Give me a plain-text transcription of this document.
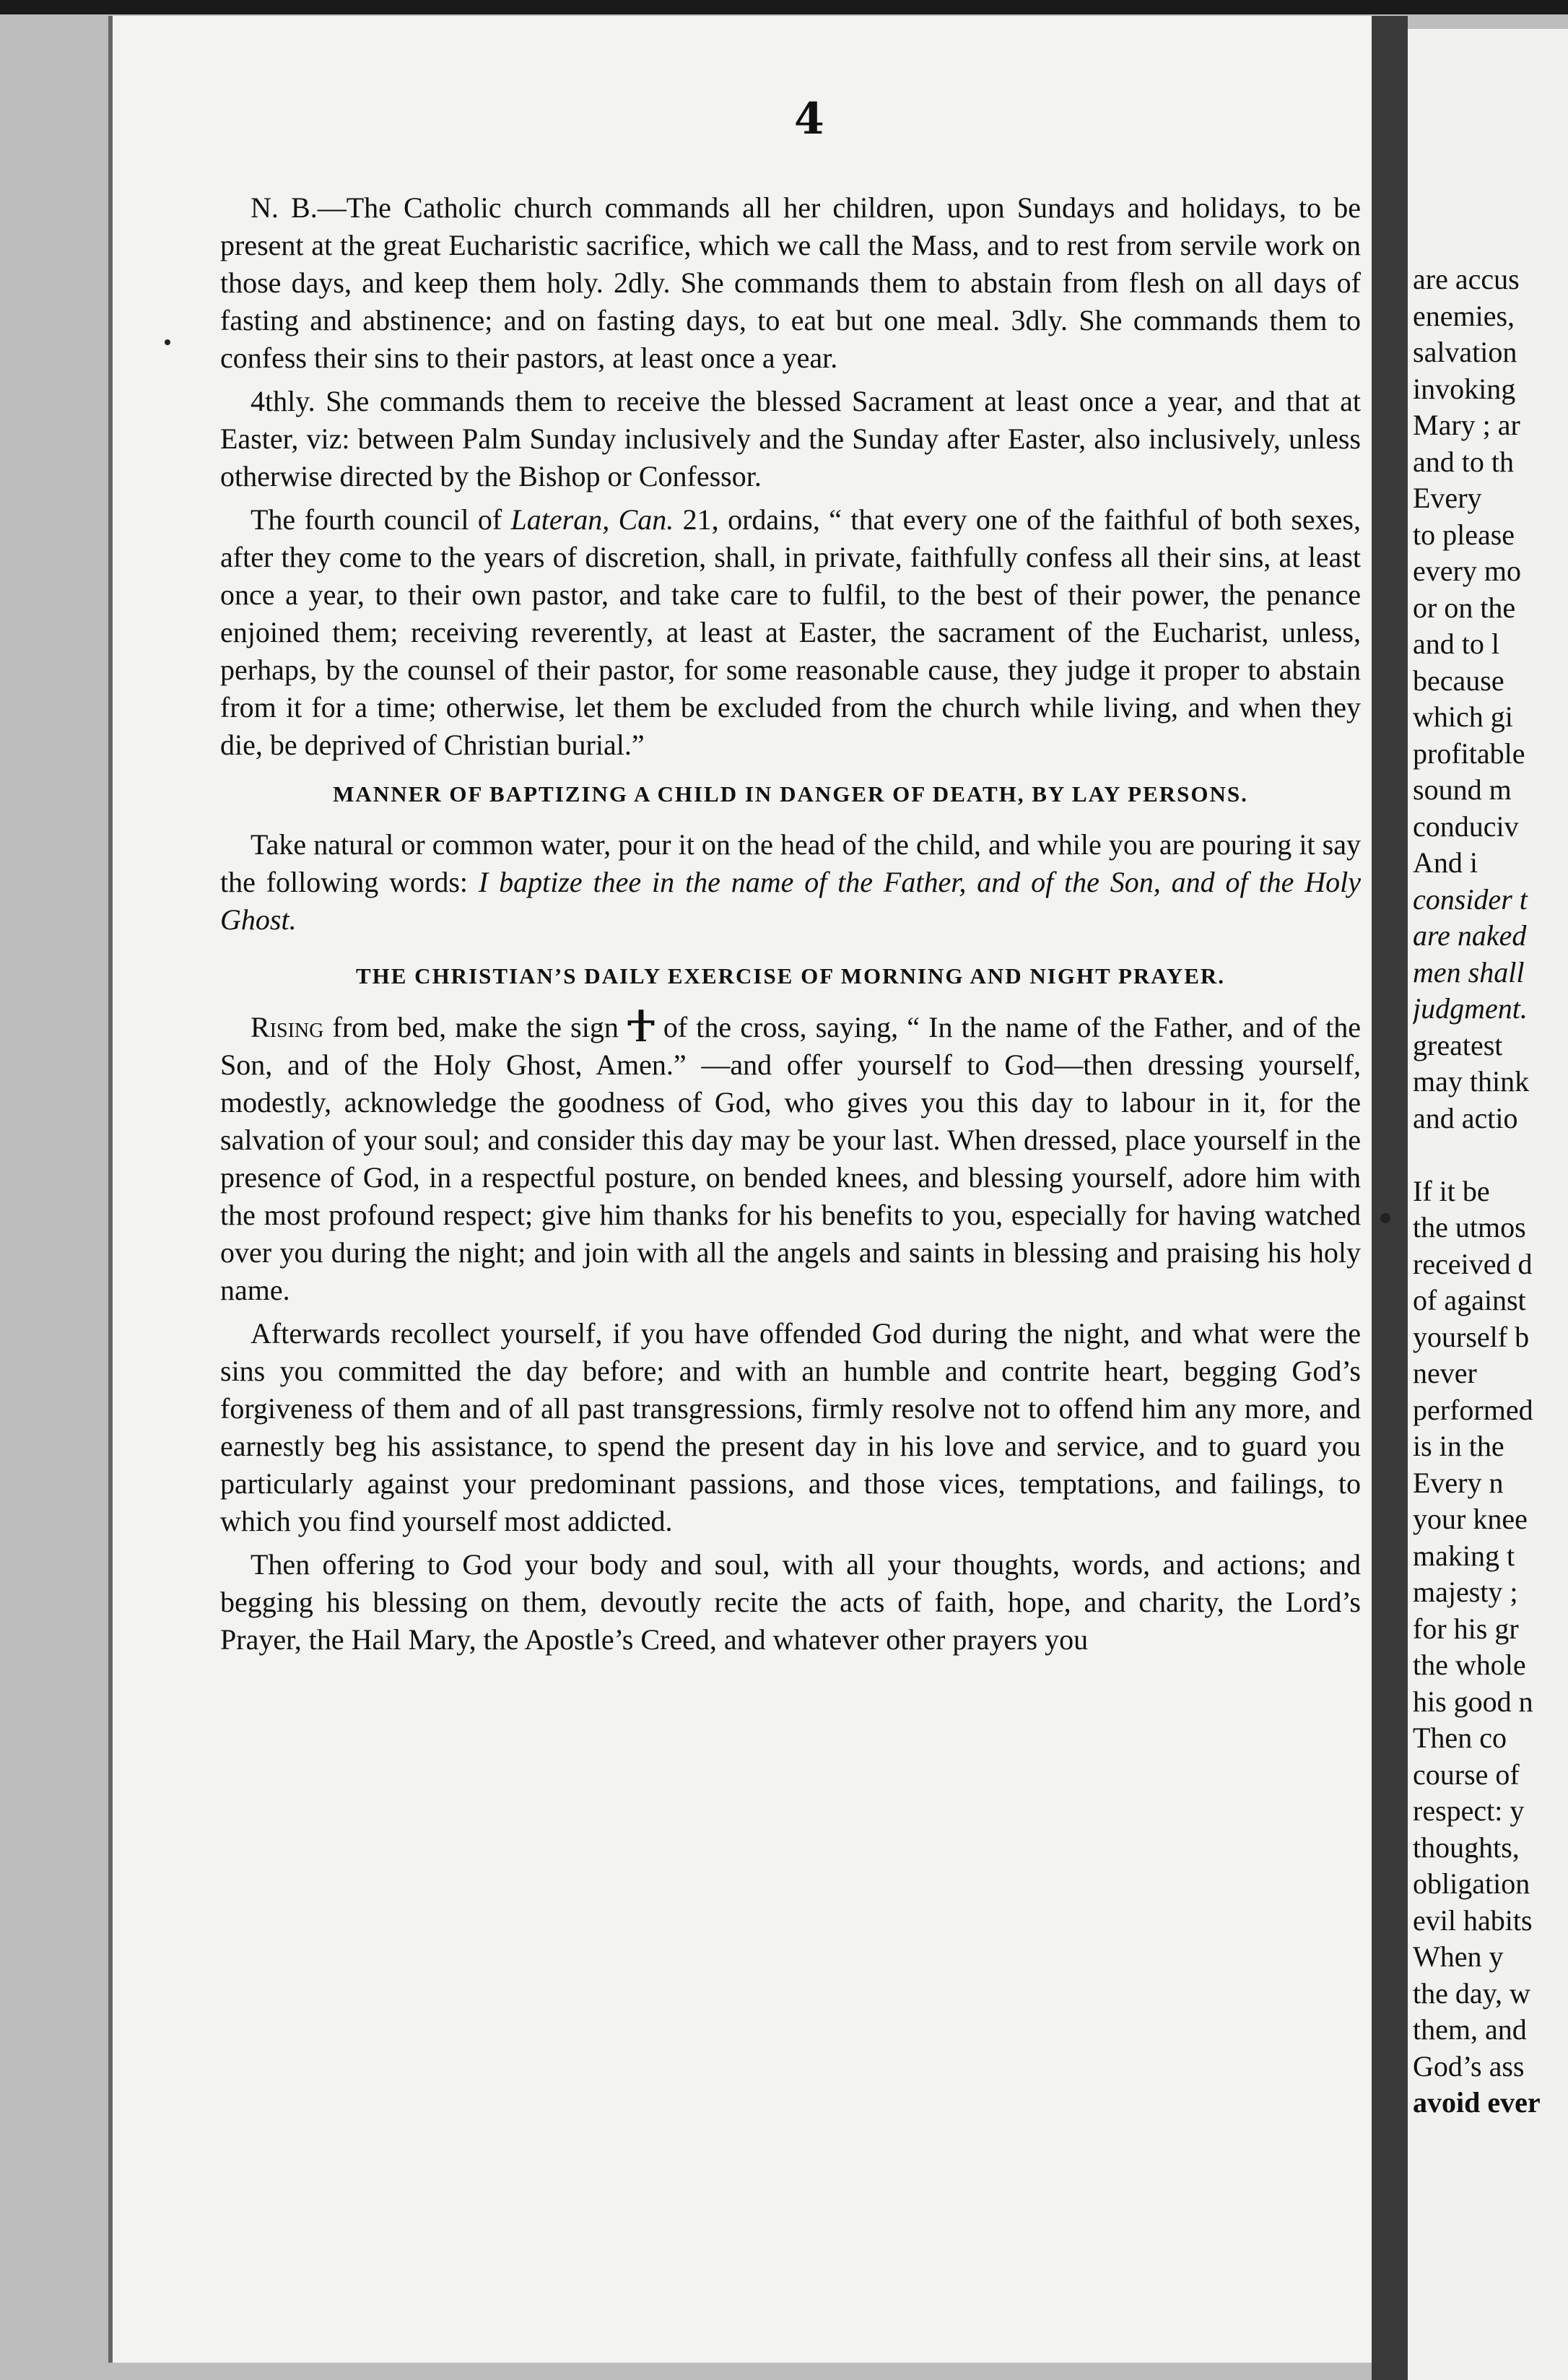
4

N. B.—The Catholic church commands all her children, upon Sundays and holidays, to be present at the great Eucharistic sacrifice, which we call the Mass, and to rest from servile work on those days, and keep them holy. 2dly. She commands them to abstain from flesh on all days of fasting and abstinence; and on fasting days, to eat but one meal. 3dly. She commands them to confess their sins to their pastors, at least once a year.

4thly. She commands them to receive the blessed Sacrament at least once a year, and that at Easter, viz: between Palm Sunday inclusively and the Sunday after Easter, also inclusively, unless otherwise directed by the Bishop or Confessor.

The fourth council of Lateran, Can. 21, ordains, “ that every one of the faithful of both sexes, after they come to the years of discretion, shall, in private, faithfully confess all their sins, at least once a year, to their own pastor, and take care to fulfil, to the best of their power, the penance enjoined them; receiving reverently, at least at Easter, the sacrament of the Eucharist, unless, perhaps, by the counsel of their pastor, for some reasonable cause, they judge it proper to abstain from it for a time; otherwise, let them be excluded from the church while living, and when they die, be deprived of Christian burial.”

MANNER OF BAPTIZING A CHILD IN DANGER OF DEATH, BY LAY PERSONS.

Take natural or common water, pour it on the head of the child, and while you are pouring it say the following words: I baptize thee in the name of the Father, and of the Son, and of the Holy Ghost.

THE CHRISTIAN’S DAILY EXERCISE OF MORNING AND NIGHT PRAYER.

Rising from bed, make the sign of the cross, saying, “ In the name of the Father, and of the Son, and of the Holy Ghost, Amen.” —and offer yourself to God—then dressing yourself, modestly, acknowledge the goodness of God, who gives you this day to labour in it, for the salvation of your soul; and consider this day may be your last. When dressed, place yourself in the presence of God, in a respectful posture, on bended knees, and blessing yourself, adore him with the most profound respect; give him thanks for his benefits to you, especially for having watched over you during the night; and join with all the angels and saints in blessing and praising his holy name.

Afterwards recollect yourself, if you have offended God during the night, and what were the sins you committed the day before; and with an humble and contrite heart, begging God’s forgiveness of them and of all past transgressions, firmly resolve not to offend him any more, and earnestly beg his assistance, to spend the present day in his love and service, and to guard you particularly against your predominant passions, and those vices, temptations, and failings, to which you find yourself most addicted.

Then offering to God your body and soul, with all your thoughts, words, and actions; and begging his blessing on them, devoutly recite the acts of faith, hope, and charity, the Lord’s Prayer, the Hail Mary, the Apostle’s Creed, and whatever other prayers you

are accus
enemies,
salvation
invoking
Mary ; ar
and to th
Every
to please
every mo
or on the
and to l
because
which gi
profitable
sound m
conduciv
And i
consider t
are naked
men shall
judgment.
greatest
may think
and actio
If it be
the utmos
received d
of against
yourself b
never
performed
is in the
Every n
your knee
making t
majesty ;
for his gr
the whole
his good n
Then co
course of
respect: y
thoughts,
obligation
evil habits
When y
the day, w
them, and
God’s ass
avoid ever
